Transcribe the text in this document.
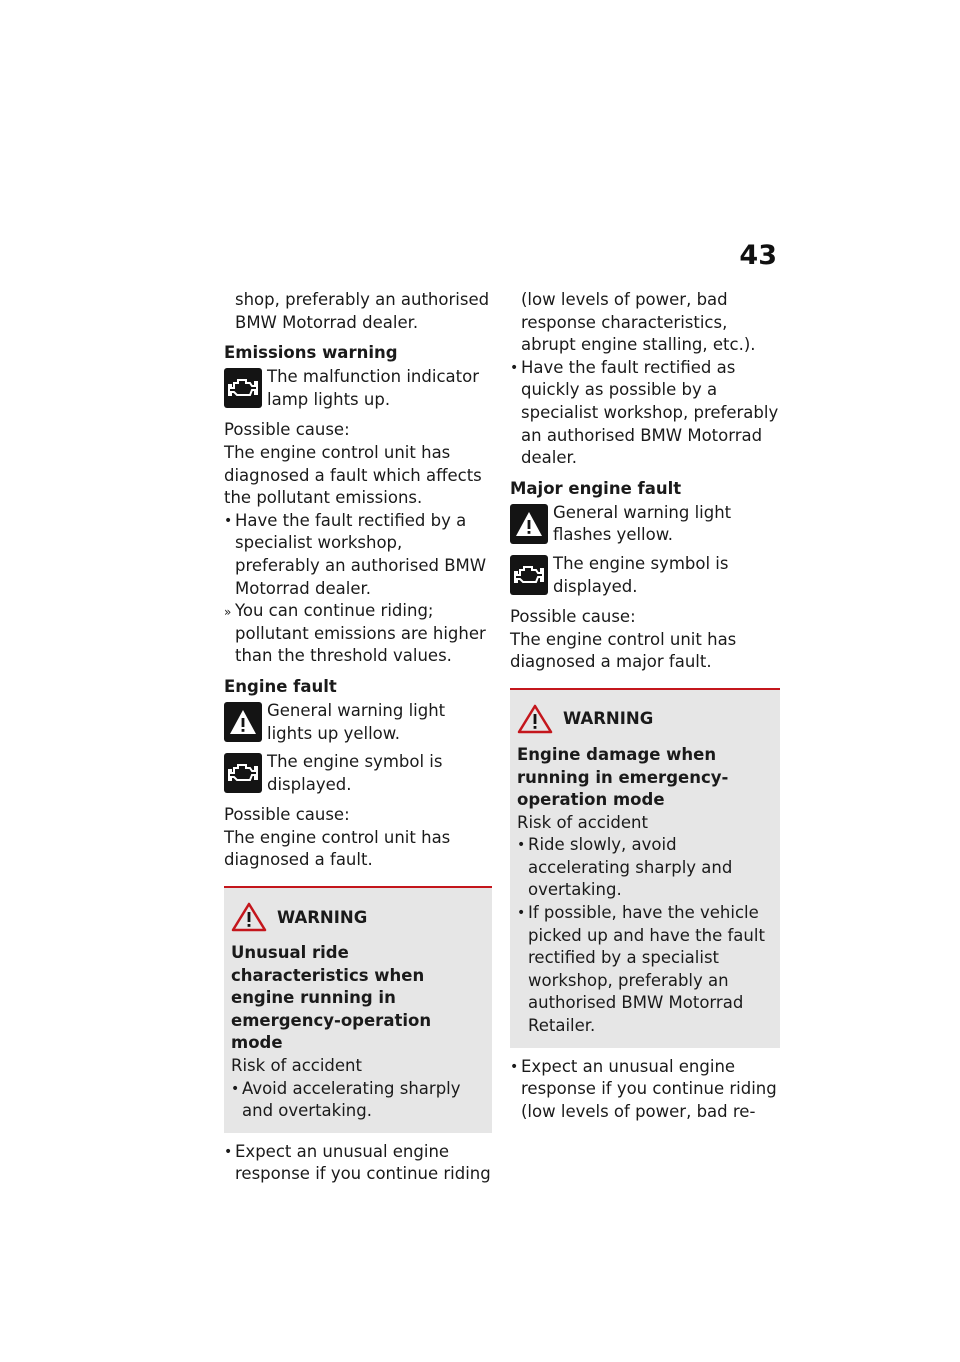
43

shop, preferably an authorised BMW Motorrad dealer.

Emissions warning
The malfunction indicator lamp lights up.

Possible cause:

The engine control unit has diagnosed a fault which affects the pollutant emissions.

• Have the fault rectified by a specialist workshop, preferably an authorised BMW Motorrad dealer.
» You can continue riding; pollutant emissions are higher than the threshold values.
Engine fault
General warning light lights up yellow.
The engine symbol is displayed.

Possible cause:

The engine control unit has diagnosed a fault.

WARNING
Unusual ride characteristics when engine running in emergency-operation mode

Risk of accident

• Avoid accelerating sharply and overtaking.
• Expect an unusual engine response if you continue riding

(low levels of power, bad response characteristics, abrupt engine stalling, etc.).

• Have the fault rectified as quickly as possible by a specialist workshop, preferably an authorised BMW Motorrad dealer.
Major engine fault
General warning light flashes yellow.
The engine symbol is displayed.

Possible cause:

The engine control unit has diagnosed a major fault.

WARNING
Engine damage when running in emergency-operation mode

Risk of accident

• Ride slowly, avoid accelerating sharply and overtaking.
• If possible, have the vehicle picked up and have the fault rectified by a specialist workshop, preferably an authorised BMW Motorrad Retailer.
• Expect an unusual engine response if you continue riding (low levels of power, bad re-
